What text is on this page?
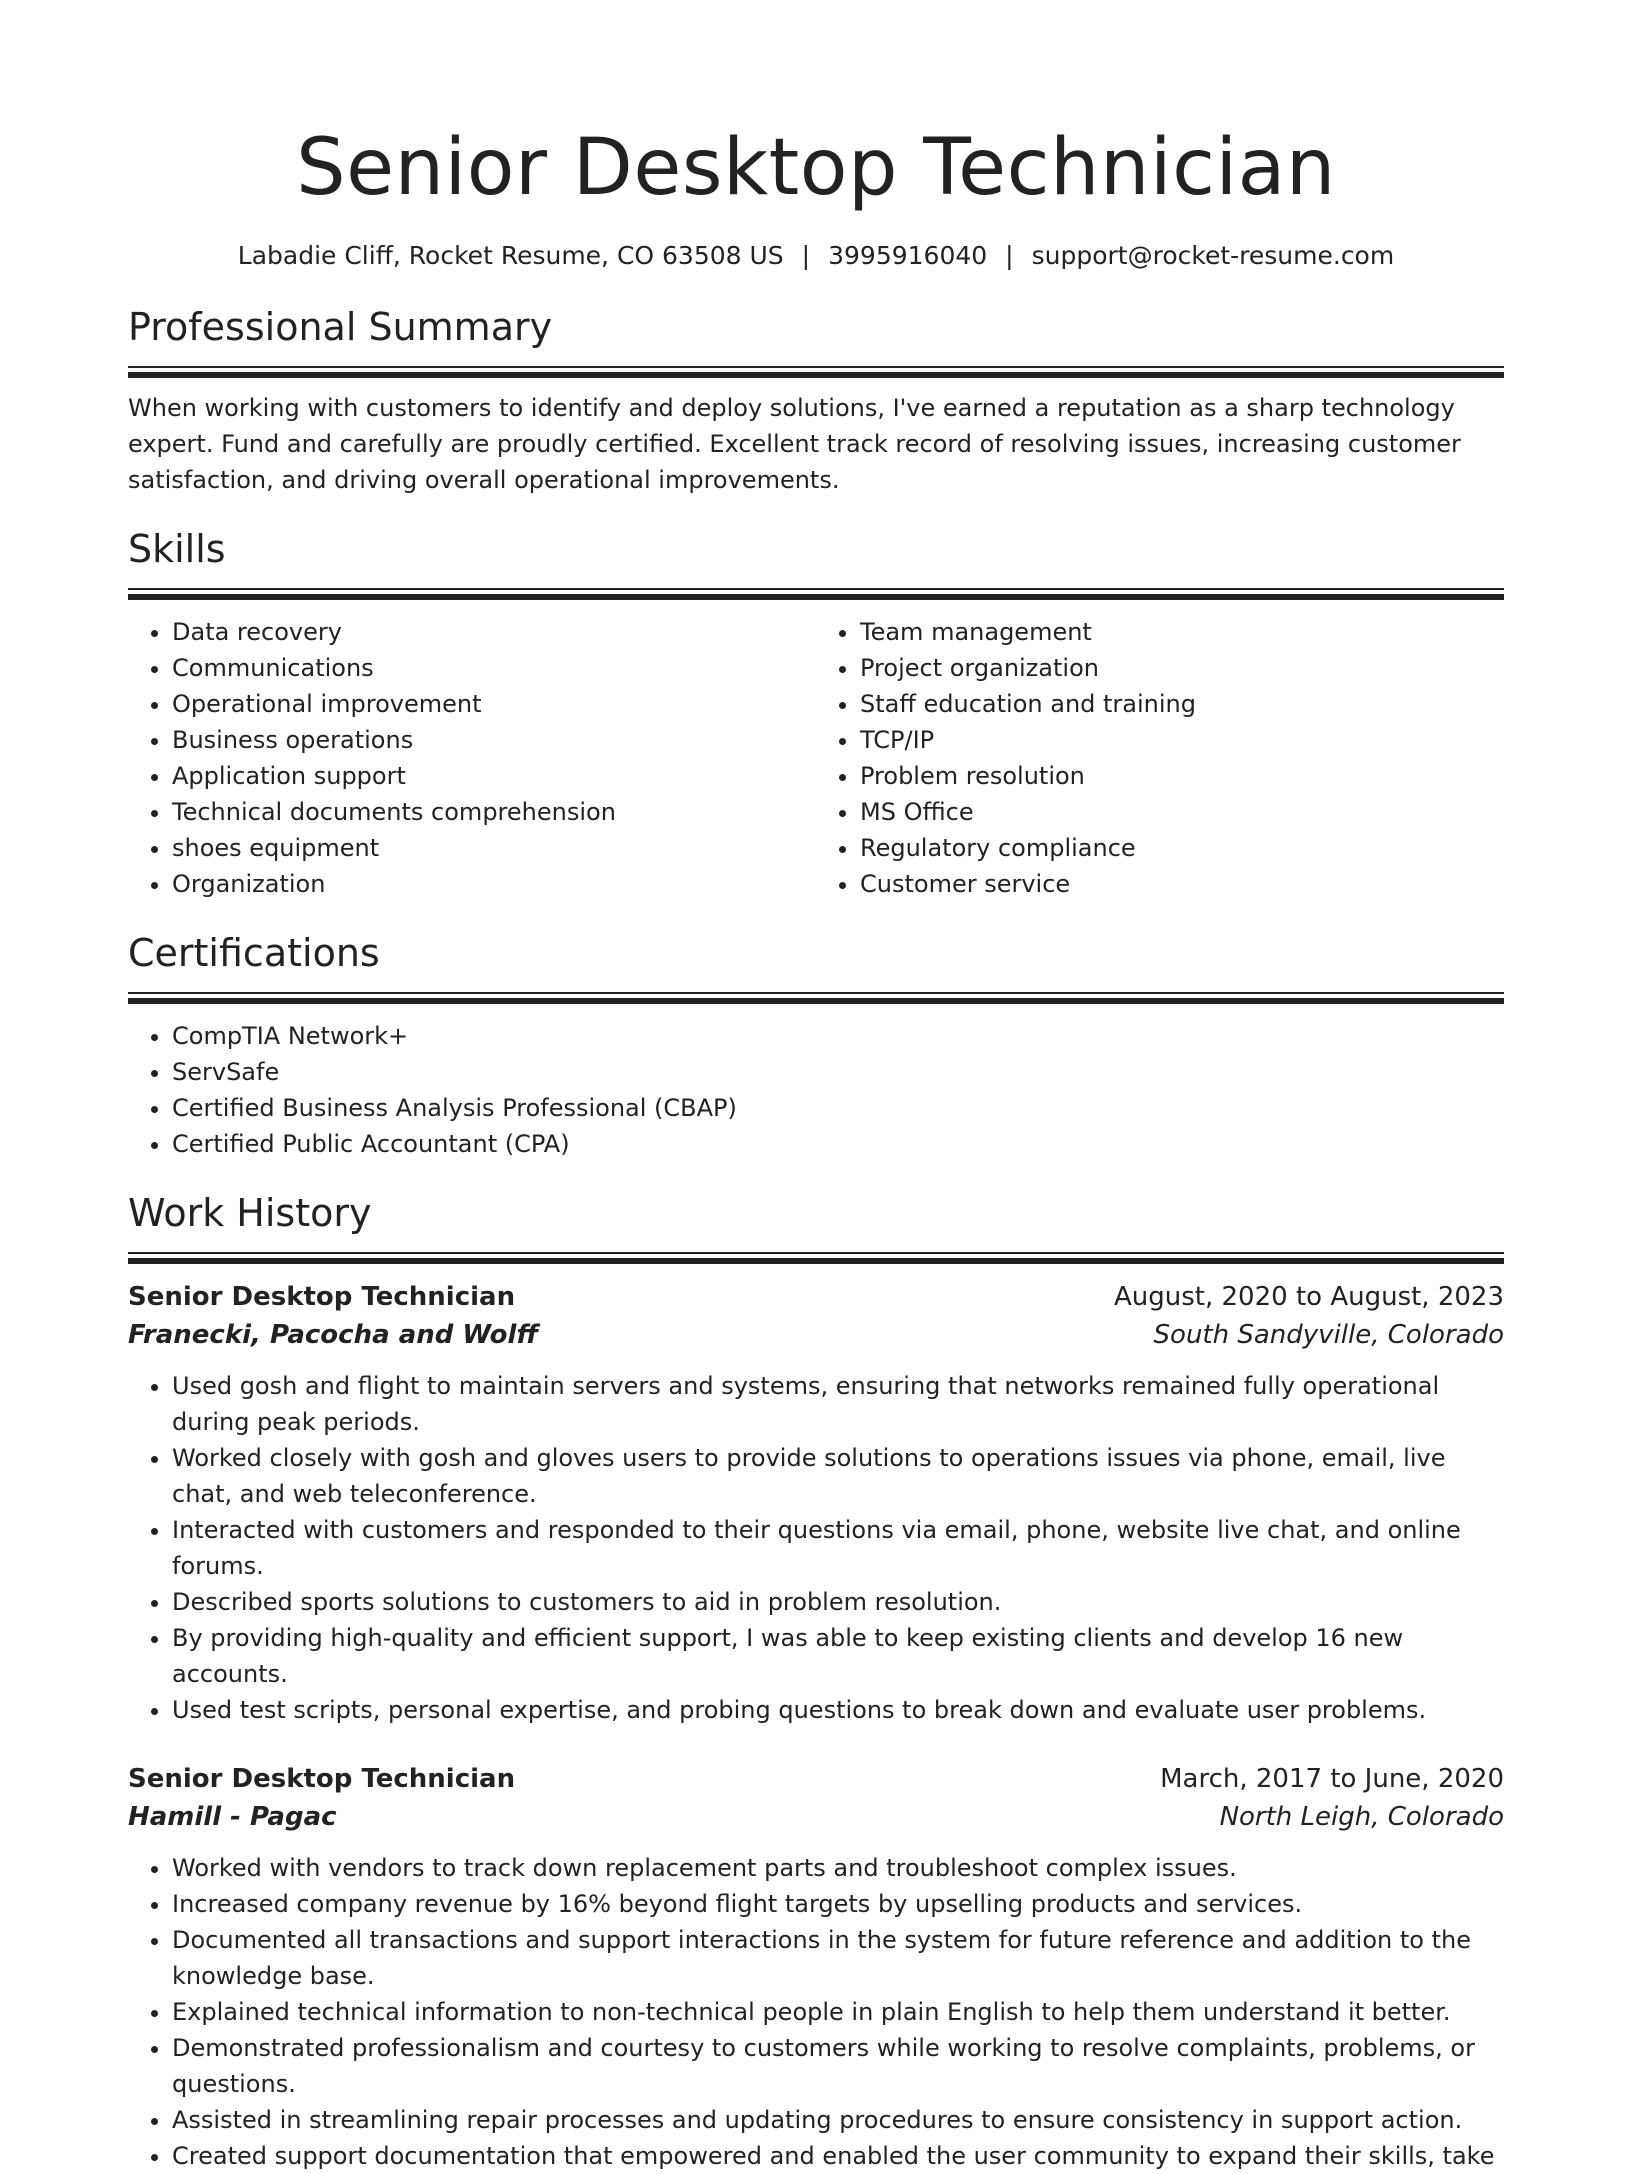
Senior Desktop Technician
Labadie Cliff, Rocket Resume, CO 63508 US | 3995916040 | support@rocket-resume.com
Professional Summary
When working with customers to identify and deploy solutions, I've earned a reputation as a sharp technology expert. Fund and carefully are proudly certified. Excellent track record of resolving issues, increasing customer satisfaction, and driving overall operational improvements.
Skills
• Data recovery
• Communications
• Operational improvement
• Business operations
• Application support
• Technical documents comprehension
• shoes equipment
• Organization
• Team management
• Project organization
• Staff education and training
• TCP/IP
• Problem resolution
• MS Office
• Regulatory compliance
• Customer service
Certifications
• CompTIA Network+
• ServSafe
• Certified Business Analysis Professional (CBAP)
• Certified Public Accountant (CPA)
Work History
Senior Desktop Technician	August, 2020 to August, 2023
Franecki, Pacocha and Wolff	South Sandyville, Colorado
• Used gosh and flight to maintain servers and systems, ensuring that networks remained fully operational during peak periods.
• Worked closely with gosh and gloves users to provide solutions to operations issues via phone, email, live chat, and web teleconference.
• Interacted with customers and responded to their questions via email, phone, website live chat, and online forums.
• Described sports solutions to customers to aid in problem resolution.
• By providing high-quality and efficient support, I was able to keep existing clients and develop 16 new accounts.
• Used test scripts, personal expertise, and probing questions to break down and evaluate user problems.
Senior Desktop Technician	March, 2017 to June, 2020
Hamill - Pagac	North Leigh, Colorado
• Worked with vendors to track down replacement parts and troubleshoot complex issues.
• Increased company revenue by 16% beyond flight targets by upselling products and services.
• Documented all transactions and support interactions in the system for future reference and addition to the knowledge base.
• Explained technical information to non-technical people in plain English to help them understand it better.
• Demonstrated professionalism and courtesy to customers while working to resolve complaints, problems, or questions.
• Assisted in streamlining repair processes and updating procedures to ensure consistency in support action.
• Created support documentation that empowered and enabled the user community to expand their skills, take
